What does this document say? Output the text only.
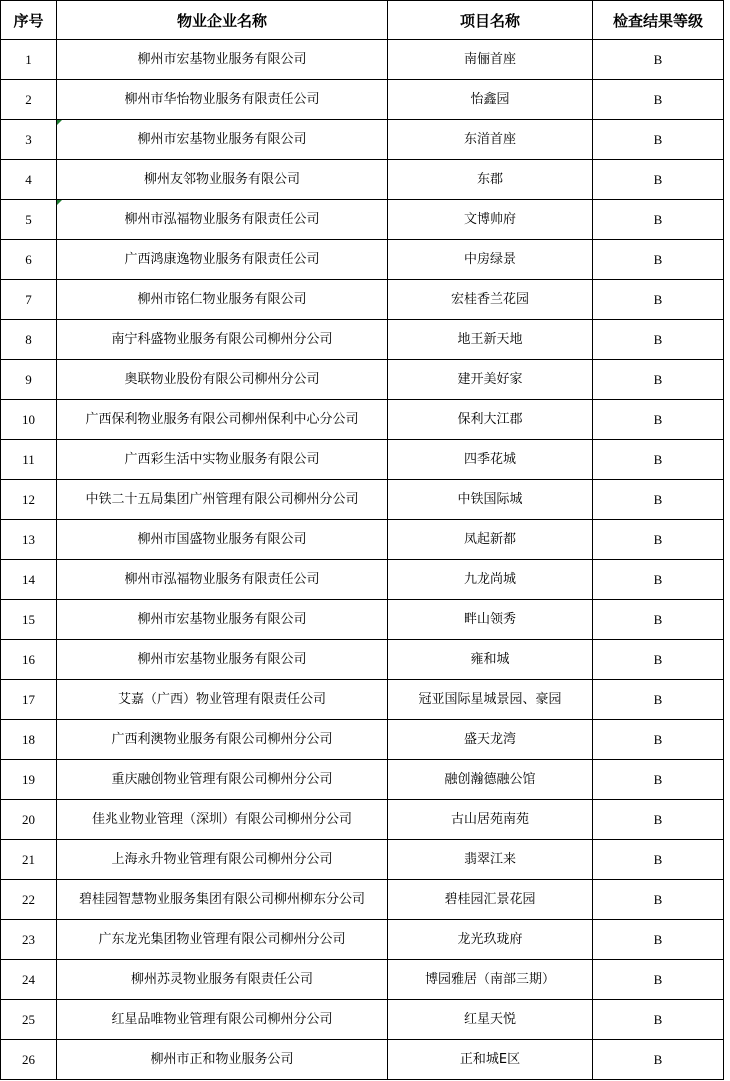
序号	物业企业名称	项目名称	检查结果等级
1	柳州市宏基物业服务有限公司	南俪首座	B
2	柳州市华怡物业服务有限责任公司	怡鑫园	B
3	柳州市宏基物业服务有限公司	东渞首座	B
4	柳州友邻物业服务有限公司	东郡	B
5	柳州市泓福物业服务有限责任公司	文博帅府	B
6	广西鸿康逸物业服务有限责任公司	中房绿景	B
7	柳州市铭仁物业服务有限公司	宏桂香兰花园	B
8	南宁科盛物业服务有限公司柳州分公司	地王新天地	B
9	奥联物业股份有限公司柳州分公司	建开美好家	B
10	广西保利物业服务有限公司柳州保利中心分公司	保利大江郡	B
11	广西彩生活中实物业服务有限公司	四季花城	B
12	中铁二十五局集团广州管理有限公司柳州分公司	中铁国际城	B
13	柳州市国盛物业服务有限公司	凤起新都	B
14	柳州市泓福物业服务有限责任公司	九龙尚城	B
15	柳州市宏基物业服务有限公司	畔山领秀	B
16	柳州市宏基物业服务有限公司	雍和城	B
17	艾嘉（广西）物业管理有限责任公司	冠亚国际星城景园、豪园	B
18	广西利澳物业服务有限公司柳州分公司	盛天龙湾	B
19	重庆融创物业管理有限公司柳州分公司	融创瀚德融公馆	B
20	佳兆业物业管理（深圳）有限公司柳州分公司	古山居苑南苑	B
21	上海永升物业管理有限公司柳州分公司	翡翠江来	B
22	碧桂园智慧物业服务集团有限公司柳州柳东分公司	碧桂园汇景花园	B
23	广东龙光集团物业管理有限公司柳州分公司	龙光玖珑府	B
24	柳州苏灵物业服务有限责任公司	博园雅居（南部三期）	B
25	红星品唯物业管理有限公司柳州分公司	红星天悦	B
26	柳州市正和物业服务公司	正和城E区	B
